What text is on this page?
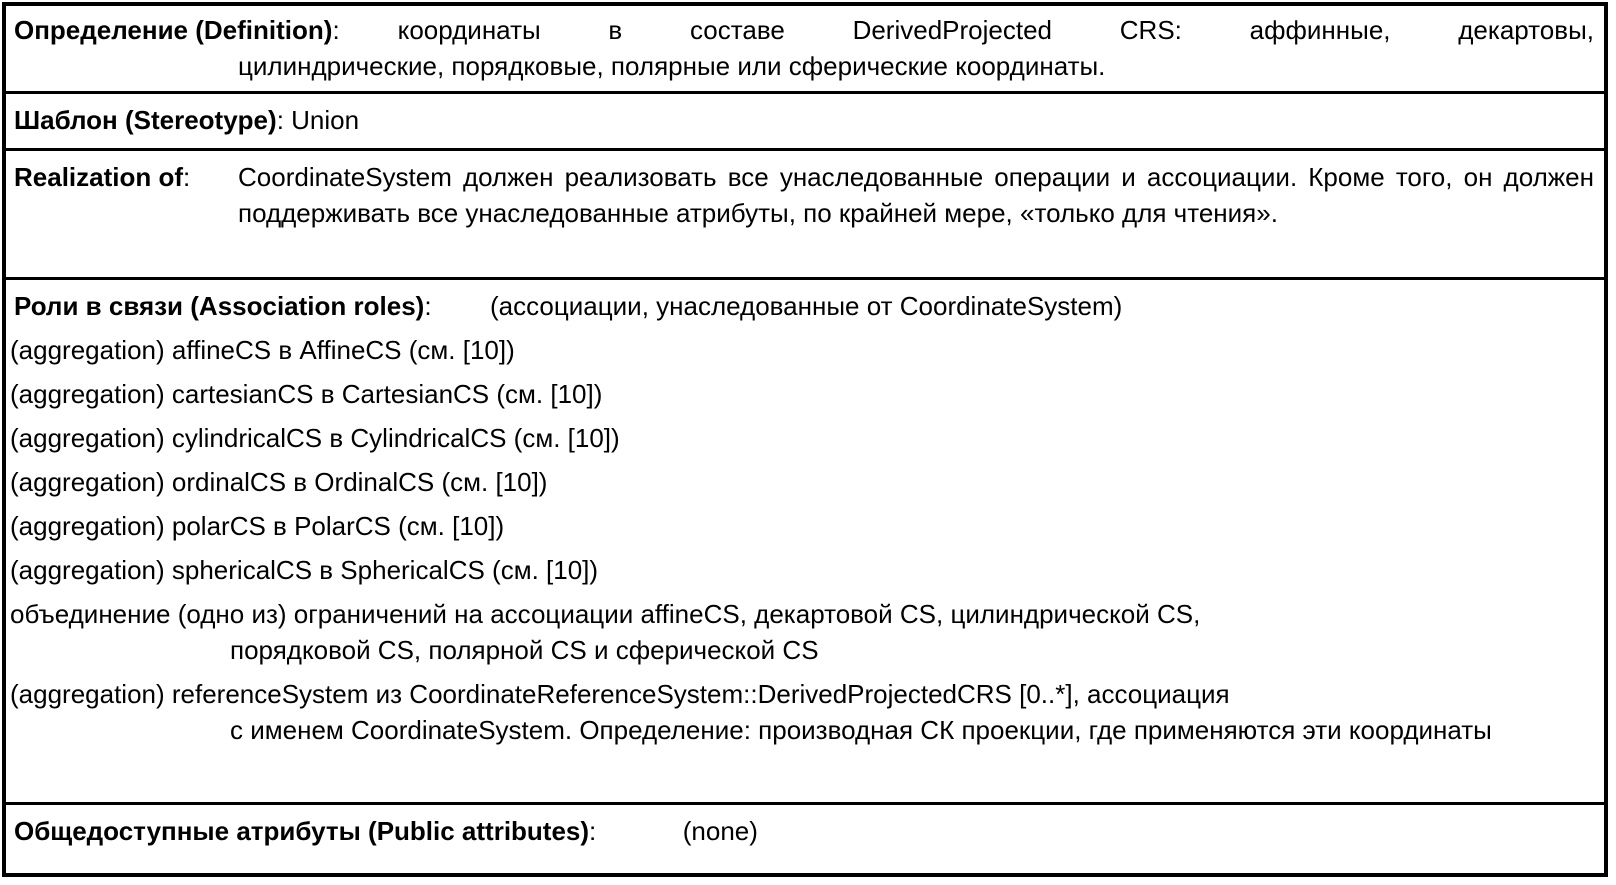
Определение (Definition): координаты в составе DerivedProjected CRS: аффинные, декартовы,
цилиндрические, порядковые, полярные или сферические координаты.
Шаблон (Stereotype): Union
Realization of:	CoordinateSystem должен реализовать все унаследованные операции и ассоциации. Кроме того, он должен поддерживать все унаследованные атрибуты, по крайней мере, «только для чтения».
Роли в связи (Association roles): (ассоциации, унаследованные от CoordinateSystem)
(aggregation) affineCS в AffineCS (см. [10])
(aggregation) cartesianCS в CartesianCS (см. [10])
(aggregation) cylindricalCS в CylindricalCS (см. [10])
(aggregation) ordinalCS в OrdinalCS (см. [10])
(aggregation) polarCS в PolarCS (см. [10])
(aggregation) sphericalCS в SphericalCS (см. [10])
объединение (одно из) ограничений на ассоциации affineCS, декартовой CS, цилиндрической CS,
порядковой CS, полярной CS и сферической CS
(aggregation) referenceSystem из CoordinateReferenceSystem::DerivedProjectedCRS [0..*], ассоциация
с именем CoordinateSystem. Определение: производная СК проекции, где применяются эти координаты
Общедоступные атрибуты (Public attributes):	(none)
